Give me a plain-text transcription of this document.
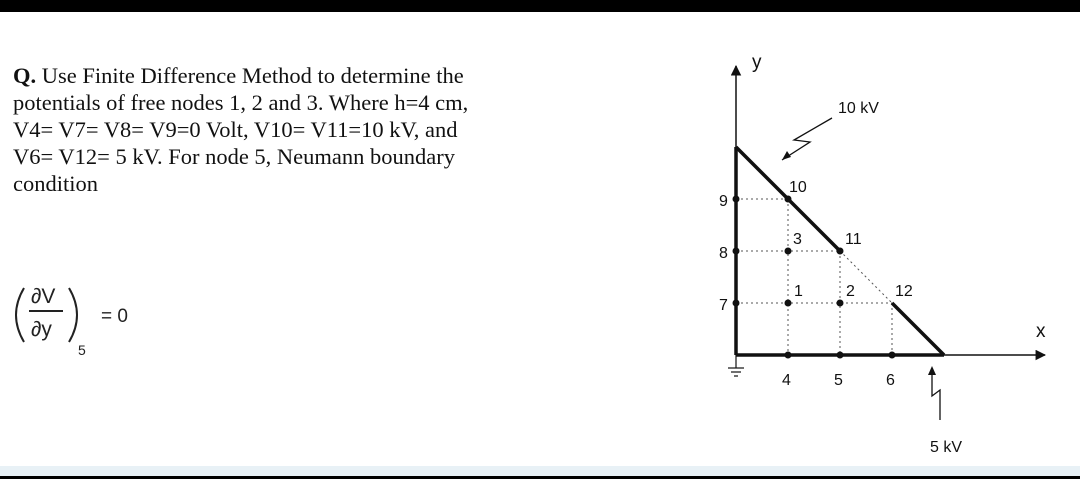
Q. Use Finite Difference Method to determine the
potentials of free nodes 1, 2 and 3. Where h=4 cm,
V4= V7= V8= V9=0 Volt, V10= V11=10 kV, and
V6= V12= 5 kV. For node 5, Neumann boundary
condition
∂V
∂y
5
= 0
y
x
9
8
7
10
3	11
1	2	12
4	5	6
10 kV
5 kV
